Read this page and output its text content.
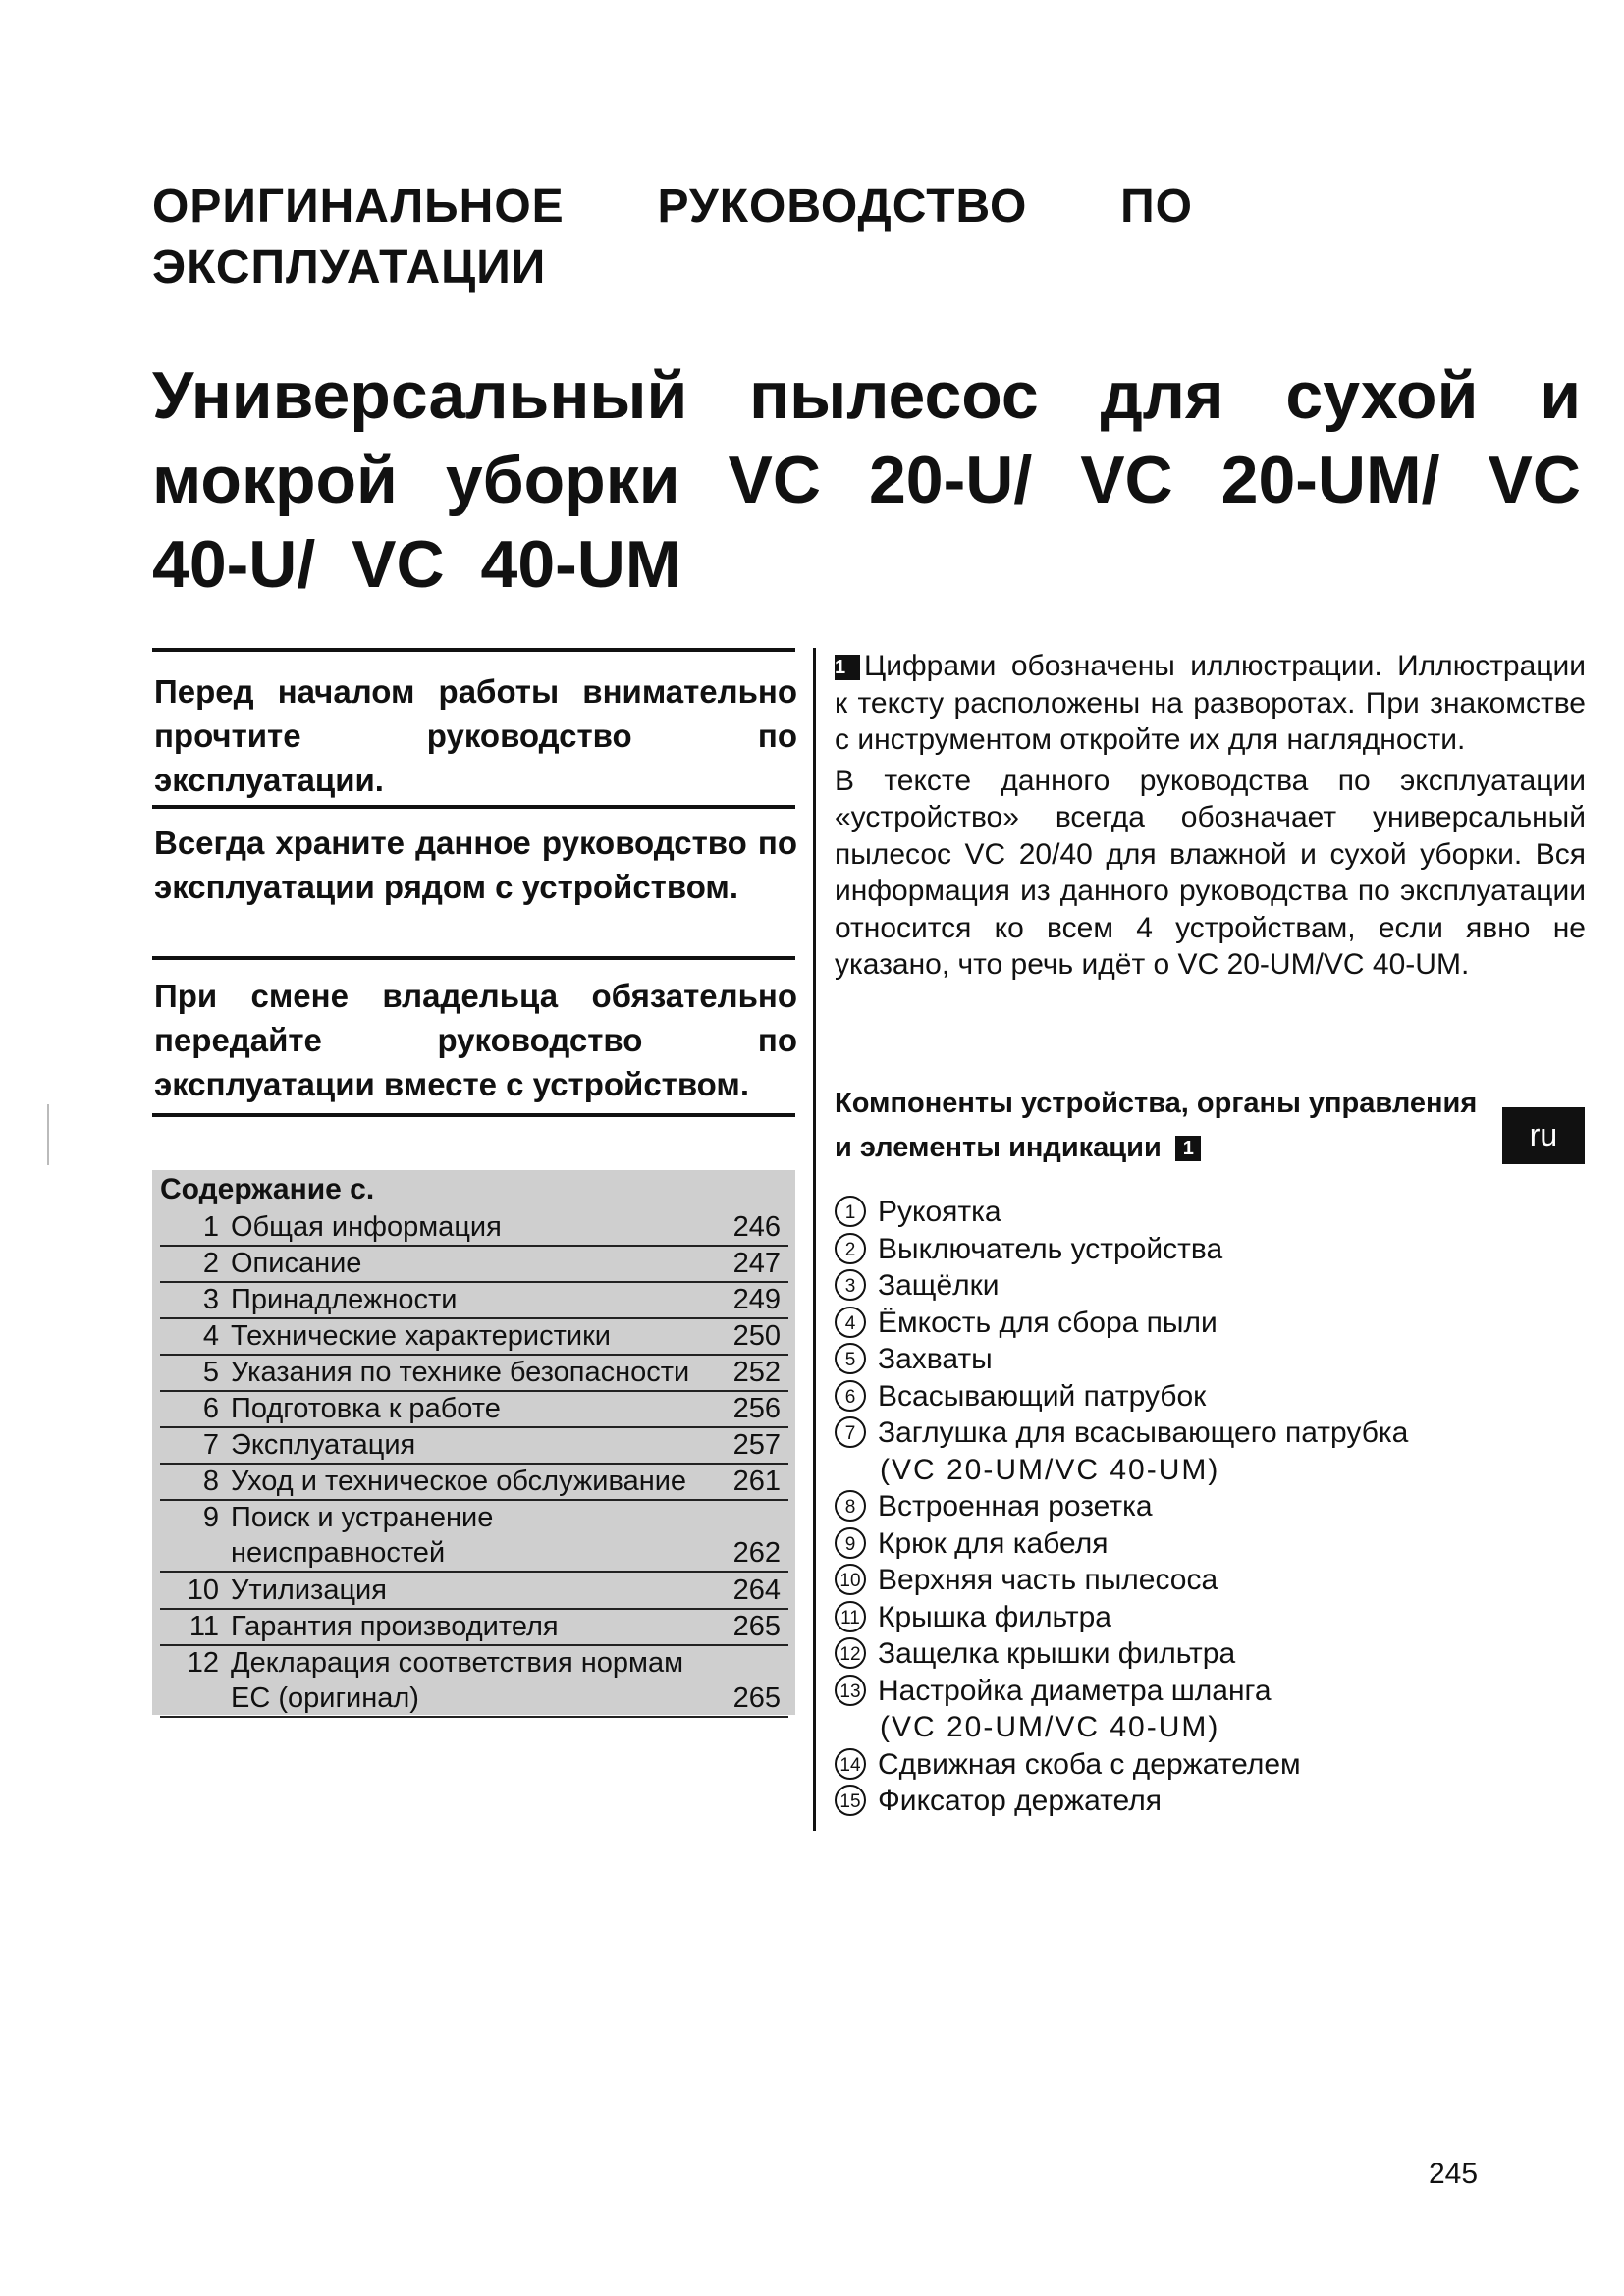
ОРИГИНАЛЬНОЕ РУКОВОДСТВО ПО ЭКСПЛУАТАЦИИ
Универсальный пылесос для сухой и мокрой уборки VC 20-U/ VC 20-UM/ VC 40-U/ VC 40-UM
Перед началом работы внимательно прочтите руководство по эксплуатации.
Всегда храните данное руководство по эксплуатации рядом с устройством.
При смене владельца обязательно передайте руководство по эксплуатации вместе с устройством.
Содержание с.
1 Общая информация	246
2 Описание	247
3 Принадлежности	249
4 Технические характеристики	250
5 Указания по технике безопасности 252
6 Подготовка к работе	256
7 Эксплуатация	257
8 Уход и техническое обслуживание 261
9 Поиск и устранение неисправностей	262
10 Утилизация	264
11 Гарантия производителя	265
12 Декларация соответствия нормам ЕС (оригинал)	265

1 Цифрами обозначены иллюстрации. Иллюстрации к тексту расположены на разворотах. При знакомстве с инструментом откройте их для наглядности.

В тексте данного руководства по эксплуатации «устройство» всегда обозначает универсальный пылесос VC 20/40 для влажной и сухой уборки. Вся информация из данного руководства по эксплуатации относится ко всем 4 устройствам, если явно не указано, что речь идёт о VC 20-UM/VC 40-UM.

Компоненты устройства, органы управления и элементы индикации 1	ru
1 Рукоятка
2 Выключатель устройства
3 Защёлки
4 Ёмкость для сбора пыли
5 Захваты
6 Всасывающий патрубок
7 Заглушка для всасывающего патрубка
(VC 20-UM/VC 40-UM)
8 Встроенная розетка
9 Крюк для кабеля
10 Верхняя часть пылесоса
11 Крышка фильтра
12 Защелка крышки фильтра
13 Настройка диаметра шланга
(VC 20-UM/VC 40-UM)
14 Сдвижная скоба с держателем
15 Фиксатор держателя
245
